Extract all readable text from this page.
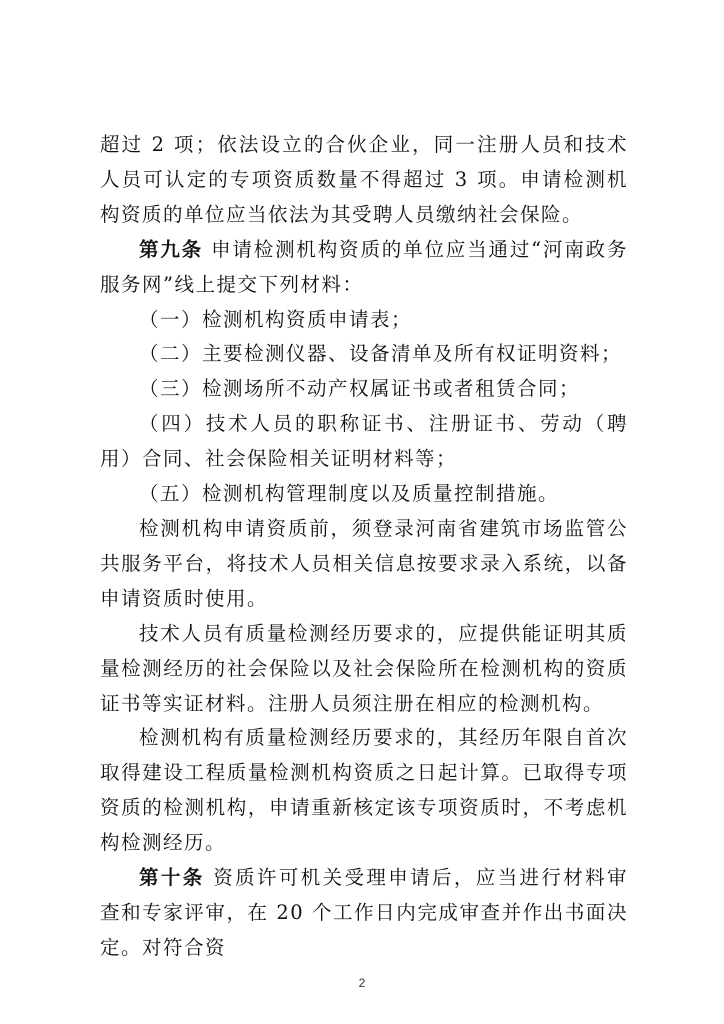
超过 2 项；依法设立的合伙企业，同一注册人员和技术人员可认定的专项资质数量不得超过 3 项。申请检测机构资质的单位应当依法为其受聘人员缴纳社会保险。

第九条 申请检测机构资质的单位应当通过“河南政务服务网”线上提交下列材料：

（一）检测机构资质申请表；

（二）主要检测仪器、设备清单及所有权证明资料；

（三）检测场所不动产权属证书或者租赁合同；

（四）技术人员的职称证书、注册证书、劳动（聘用）合同、社会保险相关证明材料等；

（五）检测机构管理制度以及质量控制措施。

检测机构申请资质前，须登录河南省建筑市场监管公共服务平台，将技术人员相关信息按要求录入系统，以备申请资质时使用。

技术人员有质量检测经历要求的，应提供能证明其质量检测经历的社会保险以及社会保险所在检测机构的资质证书等实证材料。注册人员须注册在相应的检测机构。

检测机构有质量检测经历要求的，其经历年限自首次取得建设工程质量检测机构资质之日起计算。已取得专项资质的检测机构，申请重新核定该专项资质时，不考虑机构检测经历。

第十条 资质许可机关受理申请后，应当进行材料审查和专家评审，在 20 个工作日内完成审查并作出书面决定。对符合资

2
